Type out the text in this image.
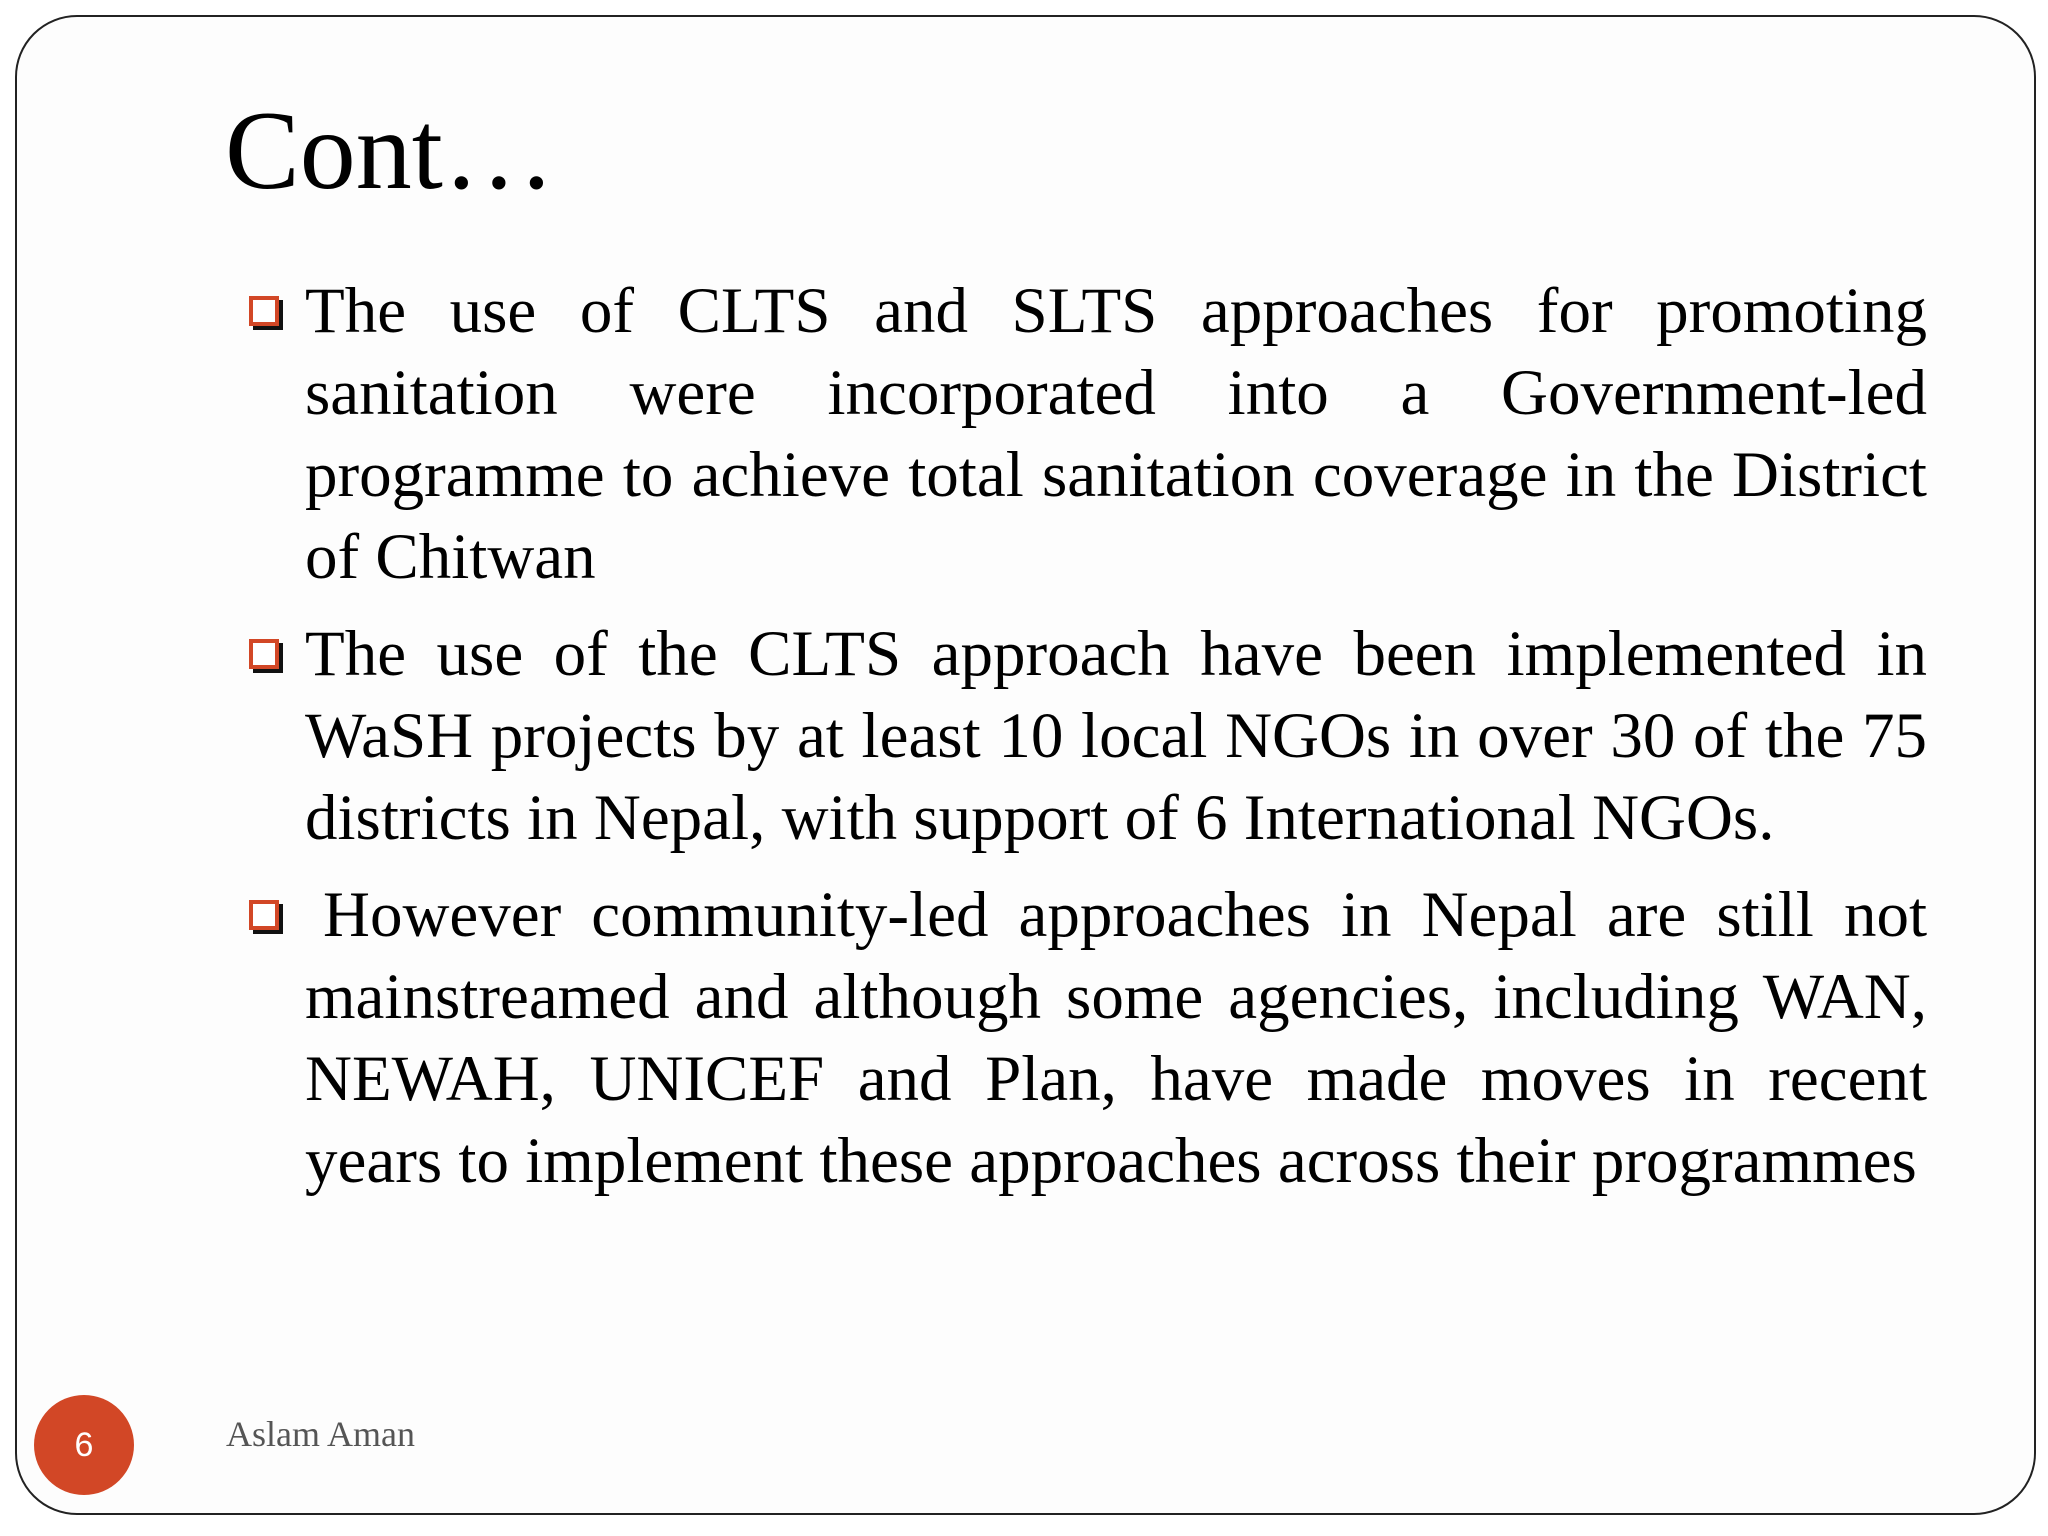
Cont…

The use of CLTS and SLTS approaches for promoting sanitation were incorporated into a Government-led programme to achieve total sanitation coverage in the District of Chitwan

The use of the CLTS approach have been implemented in WaSH projects by at least 10 local NGOs in over 30 of the 75 districts in Nepal, with support of 6 International NGOs.

However community-led approaches in Nepal are still not mainstreamed and although some agencies, including WAN, NEWAH, UNICEF and Plan, have made moves in recent years to implement these approaches across their programmes

6	Aslam Aman
